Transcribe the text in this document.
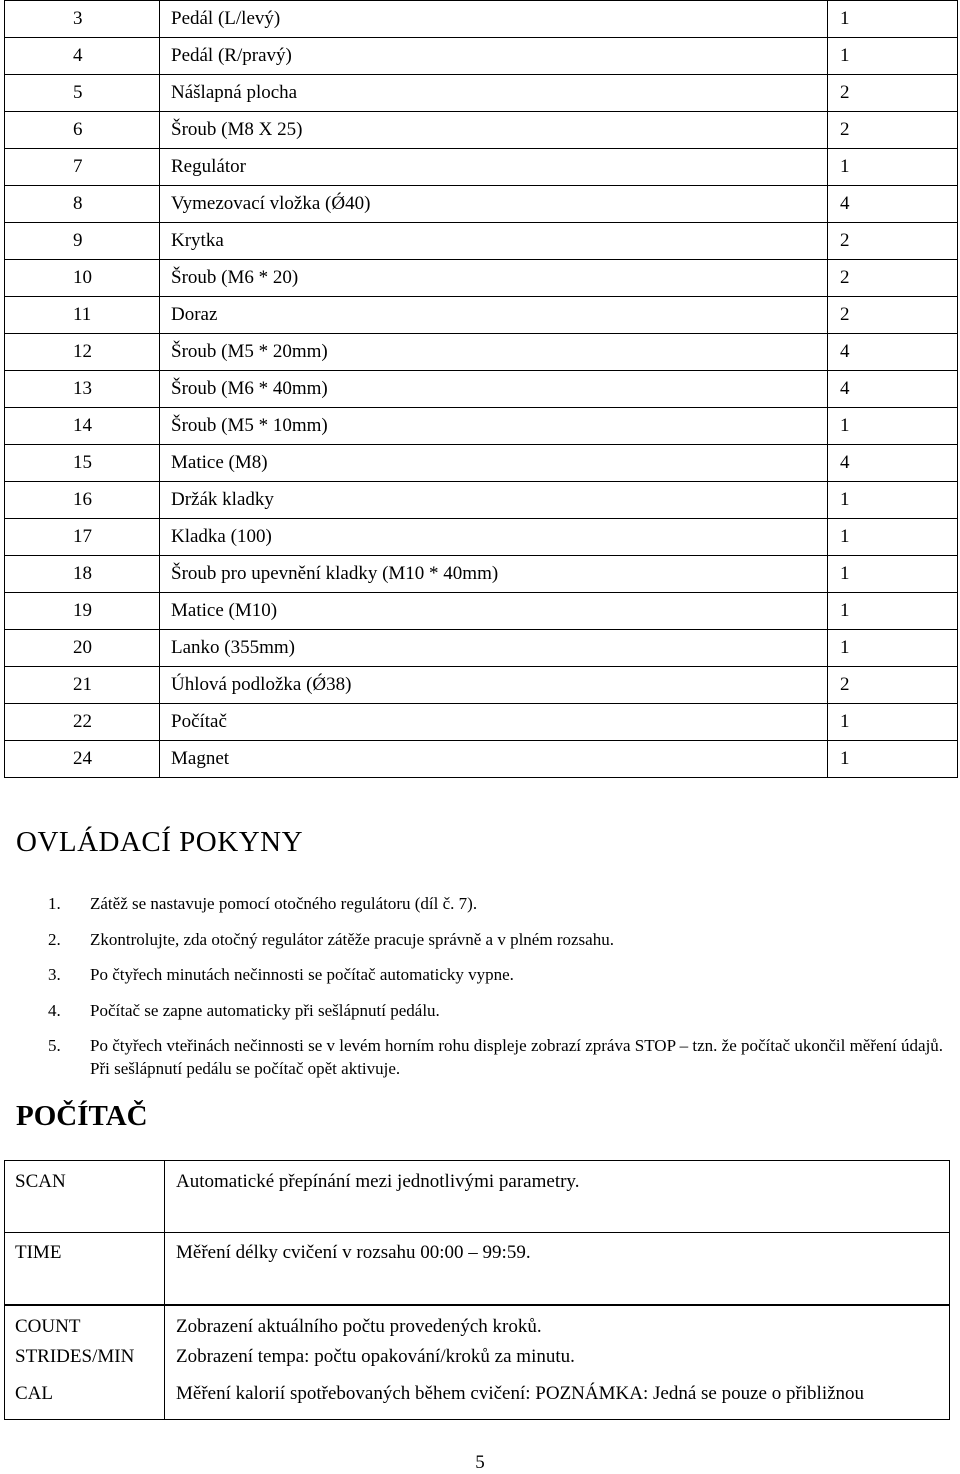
3	Pedál (L/levý)	1
4	Pedál (R/pravý)	1
5	Nášlapná plocha	2
6	Šroub (M8 X 25)	2
7	Regulátor	1
8	Vymezovací vložka (Ǿ40)	4
9	Krytka	2
10	Šroub (M6 * 20)	2
11	Doraz	2
12	Šroub (M5 * 20mm)	4
13	Šroub (M6 * 40mm)	4
14	Šroub (M5 * 10mm)	1
15	Matice (M8)	4
16	Držák kladky	1
17	Kladka (100)	1
18	Šroub pro upevnění kladky (M10 * 40mm)	1
19	Matice (M10)	1
20	Lanko (355mm)	1
21	Úhlová podložka (Ǿ38)	2
22	Počítač	1
24	Magnet	1
OVLÁDACÍ POKYNY
1. Zátěž se nastavuje pomocí otočného regulátoru (díl č. 7).
2. Zkontrolujte, zda otočný regulátor zátěže pracuje správně a v plném rozsahu.
3. Po čtyřech minutách nečinnosti se počítač automaticky vypne.
4. Počítač se zapne automaticky při sešlápnutí pedálu.
5. Po čtyřech vteřinách nečinnosti se v levém horním rohu displeje zobrazí zpráva STOP – tzn. že počítač ukončil měření údajů. Při sešlápnutí pedálu se počítač opět aktivuje.
POČÍTAČ
SCAN	Automatické přepínání mezi jednotlivými parametry.
TIME	Měření délky cvičení v rozsahu 00:00 – 99:59.
COUNT	Zobrazení aktuálního počtu provedených kroků.
STRIDES/MIN	Zobrazení tempa: počtu opakování/kroků za minutu.
CAL	Měření kalorií spotřebovaných během cvičení: POZNÁMKA: Jedná se pouze o přibližnou
5
